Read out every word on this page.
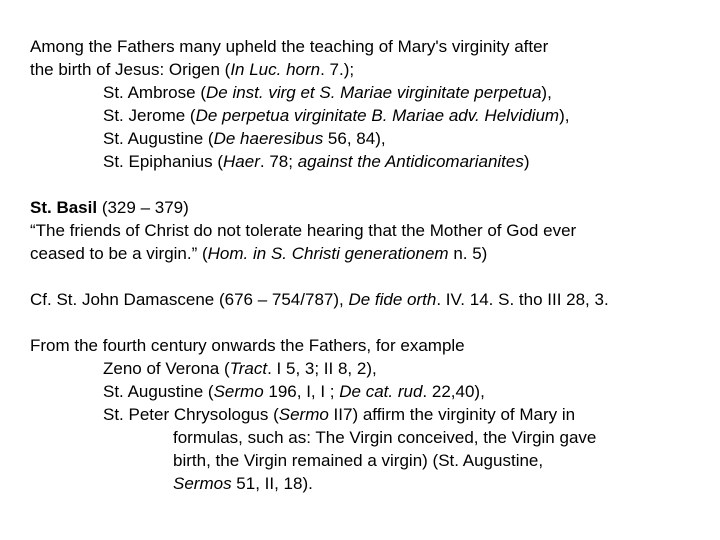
Among the Fathers many upheld the teaching of Mary's virginity after
the birth of Jesus: Origen (In Luc. horn. 7.);
St. Ambrose (De inst. virg et S. Mariae virginitate perpetua),
St. Jerome (De perpetua virginitate B. Mariae adv. Helvidium),
St. Augustine (De haeresibus 56, 84),
St. Epiphanius (Haer. 78; against the Antidicomarianites)
St. Basil (329 – 379)
“The friends of Christ do not tolerate hearing that the Mother of God ever
ceased to be a virgin.” (Hom. in S. Christi generationem n. 5)
Cf. St. John Damascene (676 – 754/787), De fide orth. IV. 14. S. tho III 28, 3.
From the fourth century onwards the Fathers, for example
Zeno of Verona (Tract. I 5, 3; II 8, 2),
St. Augustine (Sermo 196, I, I ; De cat. rud. 22,40),
St. Peter Chrysologus (Sermo II7) affirm the virginity of Mary in
formulas, such as: The Virgin conceived, the Virgin gave
birth, the Virgin remained a virgin) (St. Augustine,
Sermos 51, II, 18).
